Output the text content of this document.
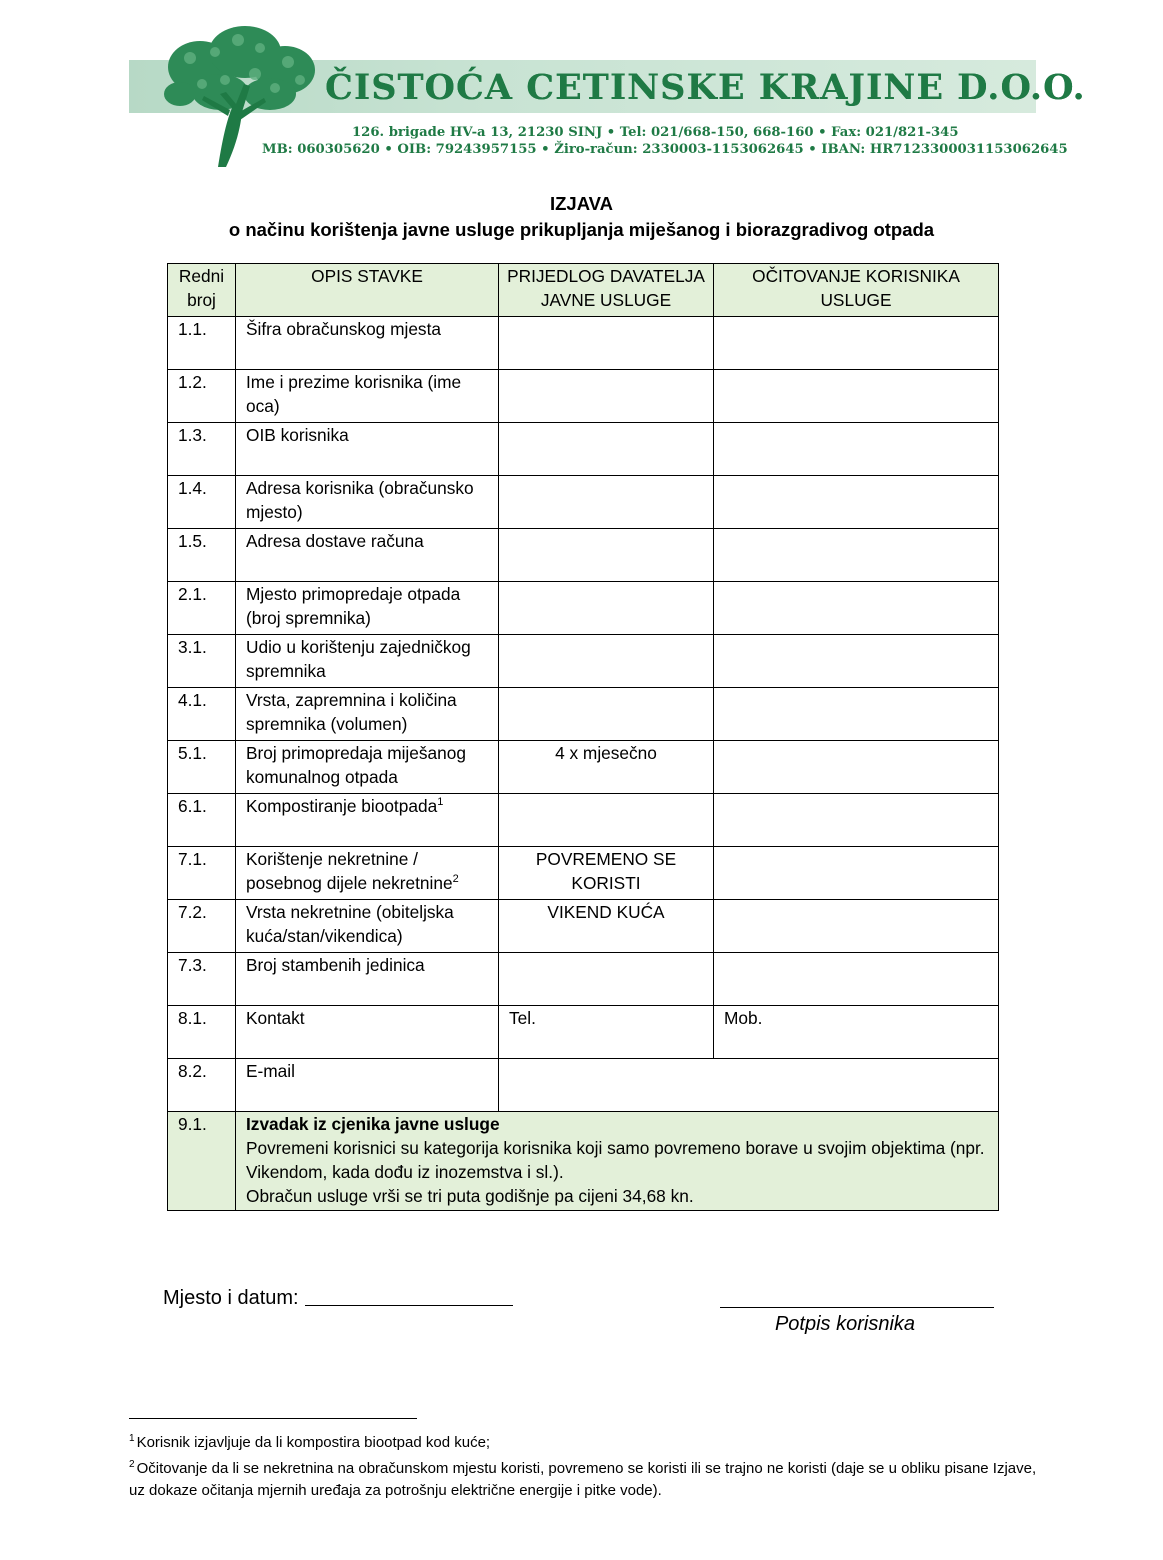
ČISTOĆA CETINSKE KRAJINE D.O.O.
126. brigade HV-a 13, 21230 SINJ • Tel: 021/668-150, 668-160 • Fax: 021/821-345
MB: 060305620 • OIB: 79243957155 • Žiro-račun: 2330003-1153062645 • IBAN: HR7123300031153062645
IZJAVA
o načinu korištenja javne usluge prikupljanja miješanog i biorazgradivog otpada
Redni broj	OPIS STAVKE	PRIJEDLOG DAVATELJA JAVNE USLUGE	OČITOVANJE KORISNIKA USLUGE
1.1.	Šifra obračunskog mjesta		
1.2.	Ime i prezime korisnika (ime oca)		
1.3.	OIB korisnika		
1.4.	Adresa korisnika (obračunsko mjesto)		
1.5.	Adresa dostave računa		
2.1.	Mjesto primopredaje otpada (broj spremnika)		
3.1.	Udio u korištenju zajedničkog spremnika		
4.1.	Vrsta, zapremnina i količina spremnika (volumen)		
5.1.	Broj primopredaja miješanog komunalnog otpada	4 x mjesečno	
6.1.	Kompostiranje biootpada$^1$		
7.1.	Korištenje nekretnine / posebnog dijele nekretnine$^2$	POVREMENO SE KORISTI	
7.2.	Vrsta nekretnine (obiteljska kuća/stan/vikendica)	VIKEND KUĆA	
7.3.	Broj stambenih jedinica		
8.1.	Kontakt	Tel.	Mob.
8.2.	E-mail		
9.1.	Izvadak iz cjenika javne usluge
Povremeni korisnici su kategorija korisnika koji samo povremeno borave u svojim objektima (npr. Vikendom, kada dođu iz inozemstva i sl.).
Obračun usluge vrši se tri puta godišnje pa cijeni 34,68 kn.		
Mjesto i datum:
Potpis korisnika
$^1$ Korisnik izjavljuje da li kompostira biootpad kod kuće;
$^2$ Očitovanje da li se nekretnina na obračunskom mjestu koristi, povremeno se koristi ili se trajno ne koristi (daje se u obliku pisane Izjave, uz dokaze očitanja mjernih uređaja za potrošnju električne energije i pitke vode).
